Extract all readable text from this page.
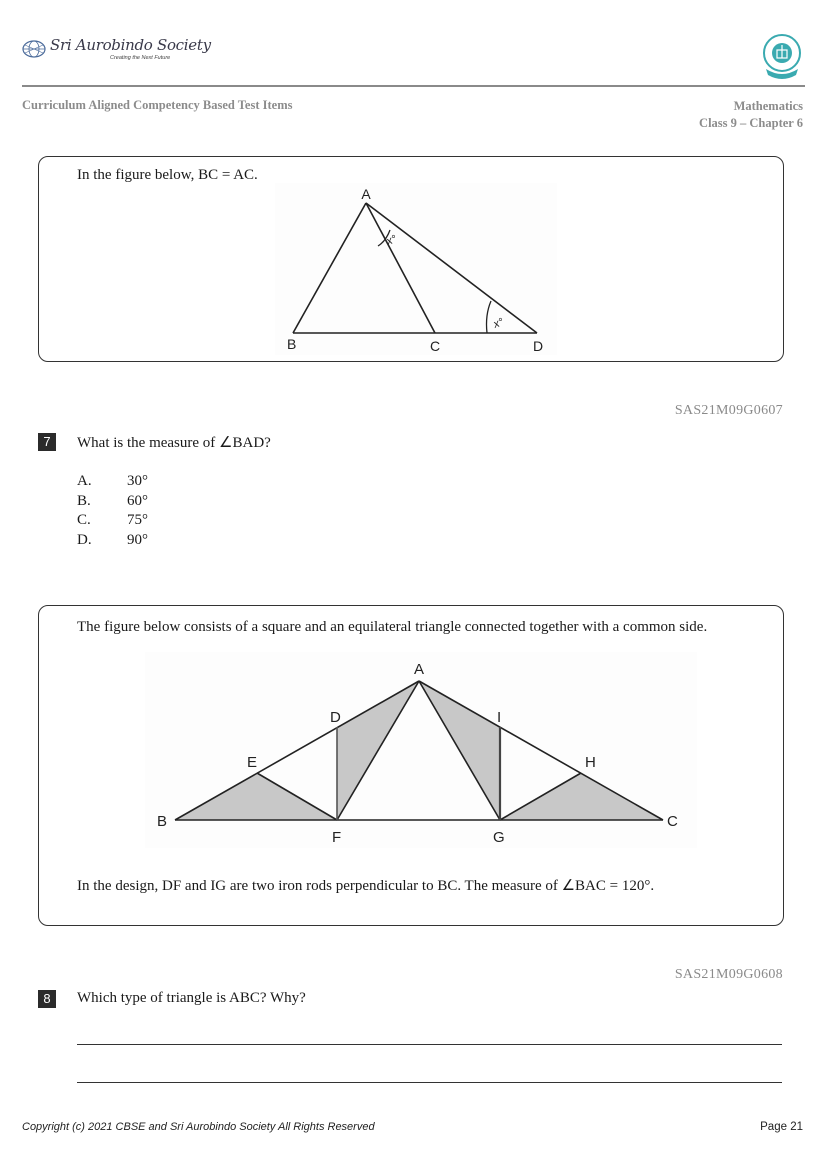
Sri Aurobindo Society
Creating the Next Future
Curriculum Aligned Competency Based Test Items	Mathematics
Class 9 – Chapter 6
In the figure below, BC = AC.
A
B	C	D
x°
x°
SAS21M09G0607
7	What is the measure of ∠BAD?
A. 30°
B. 60°
C. 75°
D. 90°
The figure below consists of a square and an equilateral triangle connected together with a common side.
A
B	C
D
E
F	G
H
I
In the design, DF and IG are two iron rods perpendicular to BC. The measure of ∠BAC = 120°.
SAS21M09G0608
8	Which type of triangle is ABC? Why?
Copyright (c) 2021 CBSE and Sri Aurobindo Society All Rights Reserved	Page 21
